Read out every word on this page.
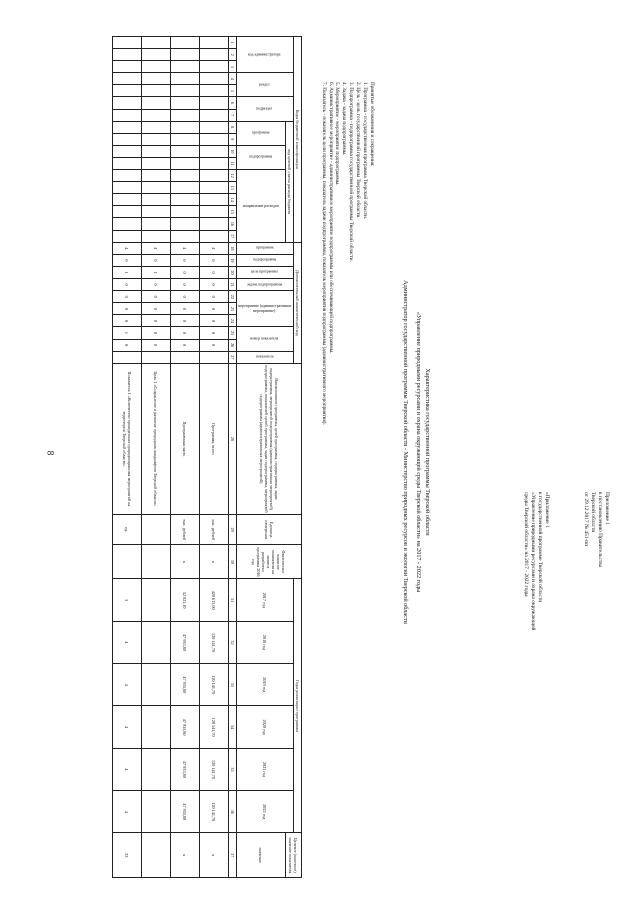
8
Приложение 1
к постановлению Правительства
Тверской области
от 29.12.2017 № 451-пп
«Приложение 1
к государственной программе Тверской области
«Управление природными ресурсами и охрана окружающей
среды Тверской области» на 2017 - 2022 годы
Характеристика государственной программы Тверской области
«Управление природными ресурсами и охрана окружающей среды Тверской области» на 2017 - 2022 годы
Администратор государственной программы Тверской области - Министерство природных ресурсов и экологии Тверской области
Принятые обозначения и сокращения:
1. Программа - государственная программа Тверской области.
2. Цель - цель государственной программы Тверской области.
3. Подпрограмма - подпрограмма государственной программы Тверской области.
4. Задача - задача подпрограммы.
5. Мероприятие - мероприятие подпрограммы.
6. Административное мероприятие - административное мероприятие подпрограммы или обеспечивающей подпрограммы.
7. Показатель - показатель цели программы, показатель задачи подпрограммы, показатель мероприятия подпрограммы (административного мероприятия).
Коды бюджетной классификации																	Дополнительный аналитический код										Наименование программы, целей программы, подпрограммы, задач подпрограммы, мероприятий подпрограммы (административных мероприятий) подпрограммы, показателей целей программы, задач подпрограммы, мероприятий подпрограммы (административных мероприятий)	Единица измерения	Фактическое значение показателя на момент разработки программы 2016 год	Годы реализации программы						Целевое (конечное) значение показателя
код администратора			раздел		подраздел		код целевой статьи расхода бюджета										программа	подпрограмма	цель программы	задача подпрограммы	мероприятие (административное мероприятие)			номер показателя		показатель				2017 год	2018 год	2019 год	2020 год	2021 год	2022 год	
							программа		подпрограмма		направление расходов																									значение
1	2	3	4	5	6	7	8	9	10	11	12	13	14	15	16	17	18	19	20	21	22	23	24	25	26	27	28	29	30	31	32	33	34	35	36	37
																	4	0	0	0	0	0	0	0	0		Программа, всего	тыс. рублей	x	420 613,00	120 141,70	120 141,70	120 141,70	120 141,70	120 141,70	x
																	4	0	0	0	0	0	0	0	0		Программная часть	тыс. рублей	x	52 021,10	47 935,80	47 935,80	47 935,80	47 935,80	47 935,80	x
																	4	0	1	0	0	0	0	0	0		Цель 1 «Сохранение и развитие природных ландшафтов Тверской области»									
																	4	0	1	0	0	0	0	1	0		Показатель 1 «Количество проведенных природоохранных мероприятий на территории Тверской области»	ед.		3	4	4	4	4	4	22
